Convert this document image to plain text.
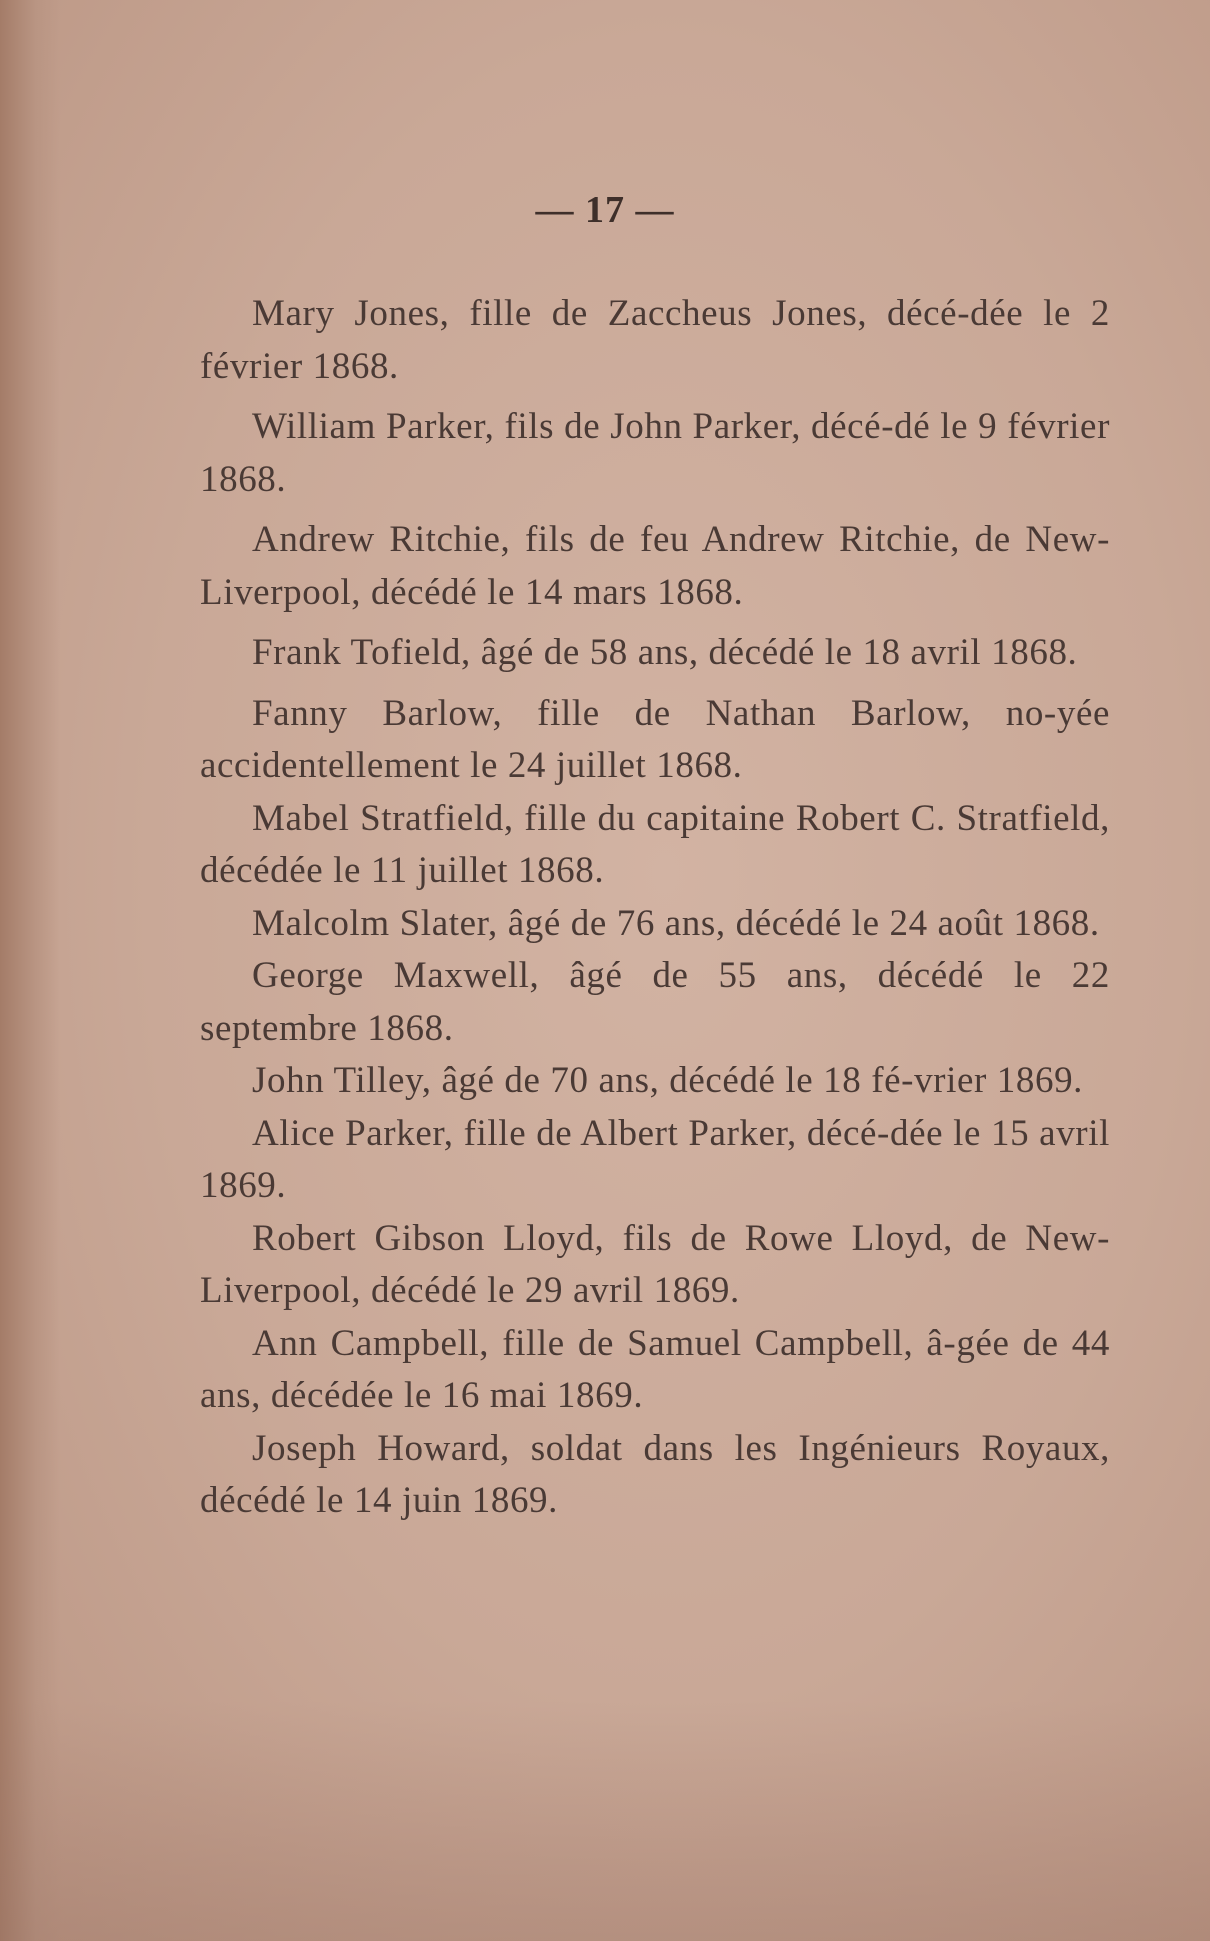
— 17 —

Mary Jones, fille de Zaccheus Jones, décé-dée le 2 février 1868.

William Parker, fils de John Parker, décé-dé le 9 février 1868.

Andrew Ritchie, fils de feu Andrew Ritchie, de New-Liverpool, décédé le 14 mars 1868.

Frank Tofield, âgé de 58 ans, décédé le 18 avril 1868.

Fanny Barlow, fille de Nathan Barlow, no-yée accidentellement le 24 juillet 1868.

Mabel Stratfield, fille du capitaine Robert C. Stratfield, décédée le 11 juillet 1868.

Malcolm Slater, âgé de 76 ans, décédé le 24 août 1868.

George Maxwell, âgé de 55 ans, décédé le 22 septembre 1868.

John Tilley, âgé de 70 ans, décédé le 18 fé-vrier 1869.

Alice Parker, fille de Albert Parker, décé-dée le 15 avril 1869.

Robert Gibson Lloyd, fils de Rowe Lloyd, de New-Liverpool, décédé le 29 avril 1869.

Ann Campbell, fille de Samuel Campbell, â-gée de 44 ans, décédée le 16 mai 1869.

Joseph Howard, soldat dans les Ingénieurs Royaux, décédé le 14 juin 1869.
